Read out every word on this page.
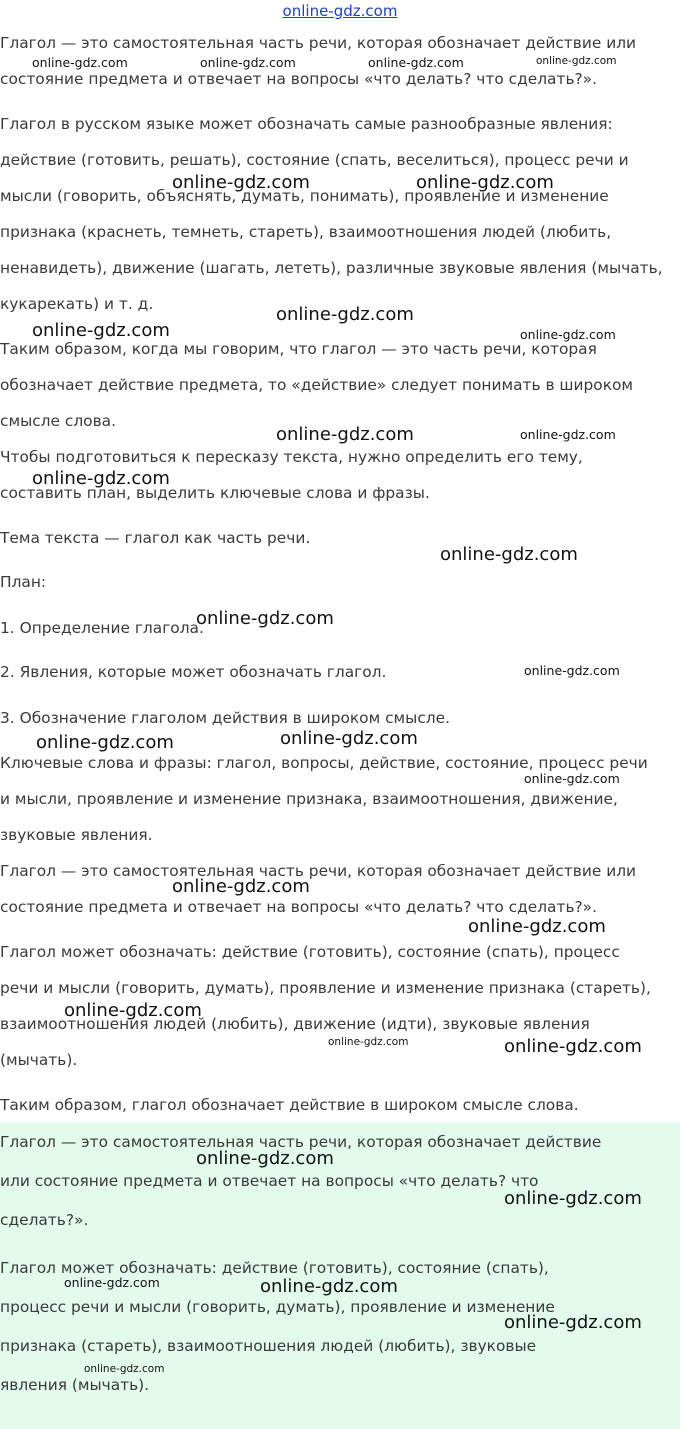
online-gdz.com
Глагол — это самостоятельная часть речи, которая обозначает действие или
состояние предмета и отвечает на вопросы «что делать? что сделать?».
Глагол в русском языке может обозначать самые разнообразные явления:
действие (готовить, решать), состояние (спать, веселиться), процесс речи и
мысли (говорить, объяснять, думать, понимать), проявление и изменение
признака (краснеть, темнеть, стареть), взаимоотношения людей (любить,
ненавидеть), движение (шагать, лететь), различные звуковые явления (мычать,
кукарекать) и т. д.
Таким образом, когда мы говорим, что глагол — это часть речи, которая
обозначает действие предмета, то «действие» следует понимать в широком
смысле слова.
Чтобы подготовиться к пересказу текста, нужно определить его тему,
составить план, выделить ключевые слова и фразы.
Тема текста — глагол как часть речи.
План:
1. Определение глагола.
2. Явления, которые может обозначать глагол.
3. Обозначение глаголом действия в широком смысле.
Ключевые слова и фразы: глагол, вопросы, действие, состояние, процесс речи
и мысли, проявление и изменение признака, взаимоотношения, движение,
звуковые явления.
Глагол — это самостоятельная часть речи, которая обозначает действие или
состояние предмета и отвечает на вопросы «что делать? что сделать?».
Глагол может обозначать: действие (готовить), состояние (спать), процесс
речи и мысли (говорить, думать), проявление и изменение признака (стареть),
взаимоотношения людей (любить), движение (идти), звуковые явления
(мычать).
Таким образом, глагол обозначает действие в широком смысле слова.
Глагол — это самостоятельная часть речи, которая обозначает действие
или состояние предмета и отвечает на вопросы «что делать? что
сделать?».
Глагол может обозначать: действие (готовить), состояние (спать),
процесс речи и мысли (говорить, думать), проявление и изменение
признака (стареть), взаимоотношения людей (любить), звуковые
явления (мычать).
online-gdz.com	online-gdz.com	online-gdz.com	online-gdz.com
online-gdz.com	online-gdz.com
online-gdz.com
online-gdz.com	online-gdz.com
online-gdz.com	online-gdz.com
online-gdz.com
online-gdz.com
online-gdz.com
online-gdz.com
online-gdz.com
online-gdz.com
online-gdz.com
online-gdz.com
online-gdz.com
online-gdz.com
online-gdz.com	online-gdz.com
online-gdz.com
online-gdz.com
online-gdz.com	online-gdz.com
online-gdz.com
online-gdz.com
